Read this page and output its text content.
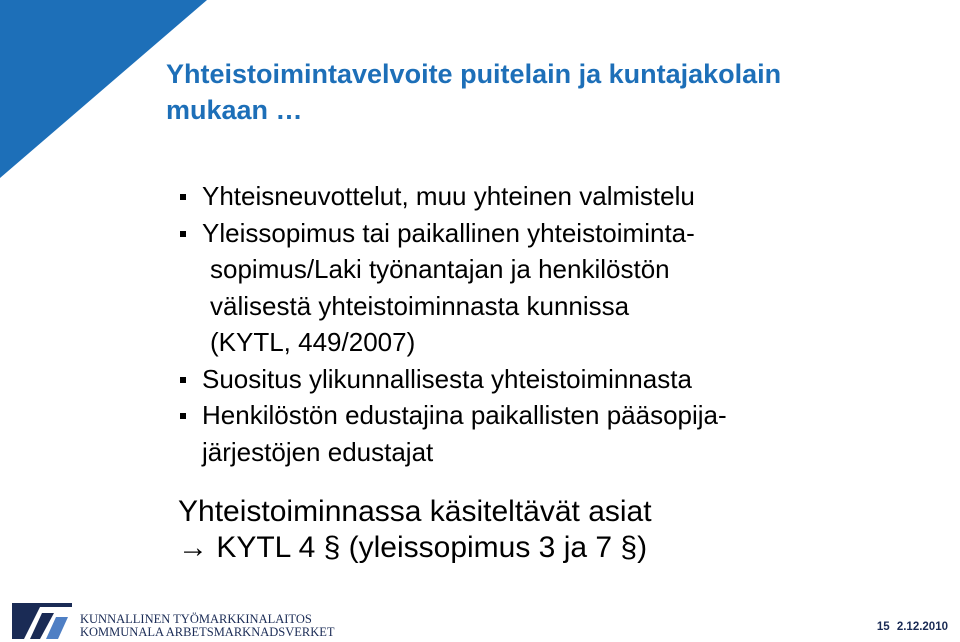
Yhteistoimintavelvoite puitelain ja kuntajakolain
mukaan …
Yhteisneuvottelut, muu yhteinen valmistelu
Yleissopimus tai paikallinen yhteistoiminta-
sopimus/Laki työnantajan ja henkilöstön
välisestä yhteistoiminnasta kunnissa
(KYTL, 449/2007)
Suositus ylikunnallisesta yhteistoiminnasta
Henkilöstön edustajina paikallisten pääsopija-
järjestöjen edustajat
Yhteistoiminnassa käsiteltävät asiat
→ KYTL 4 § (yleissopimus 3 ja 7 §)
KUNNALLINEN TYÖMARKKINALAITOS
KOMMUNALA ARBETSMARKNADSVERKET	15 2.12.2010
